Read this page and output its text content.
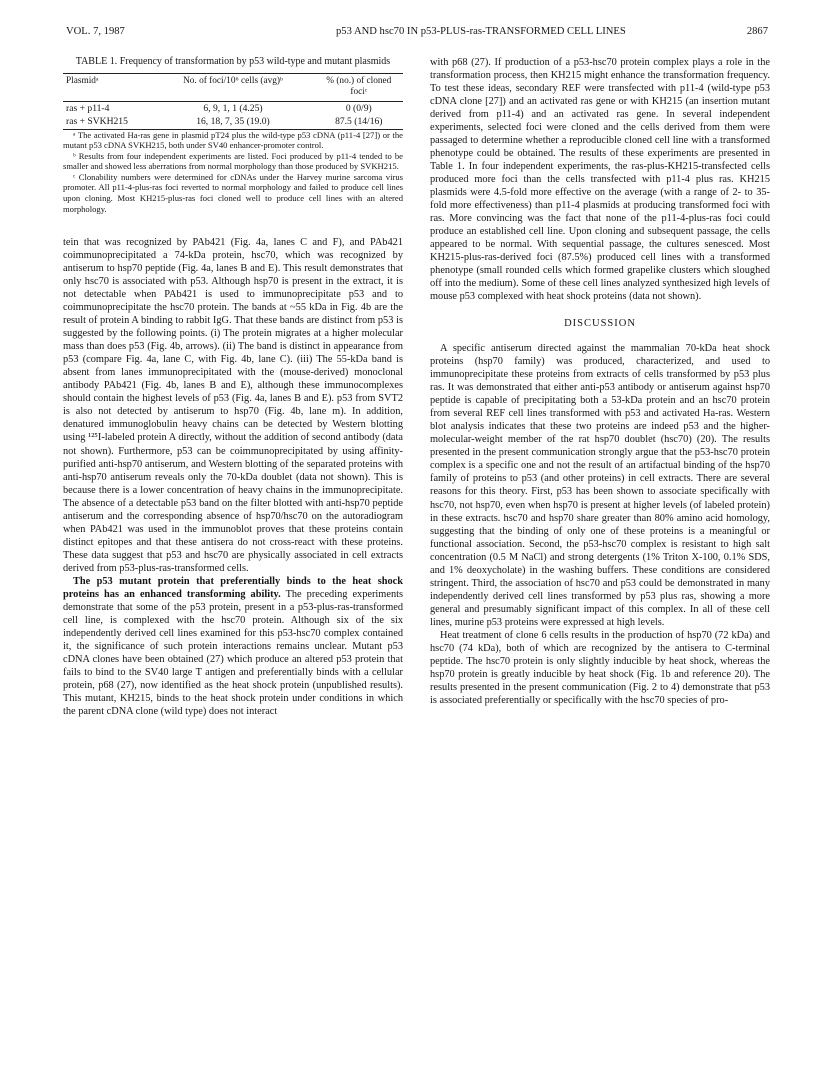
VOL. 7, 1987	p53 AND hsc70 IN p53-PLUS-ras-TRANSFORMED CELL LINES	2867
TABLE 1. Frequency of transformation by p53 wild-type and mutant plasmids
Plasmidᵃ	No. of foci/10⁶ cells (avg)ᵇ	% (no.) of cloned fociᶜ
ras + p11-4	6, 9, 1, 1 (4.25)	0 (0/9)
ras + SVKH215	16, 18, 7, 35 (19.0)	87.5 (14/16)

ᵃ The activated Ha-ras gene in plasmid pT24 plus the wild-type p53 cDNA (p11-4 [27]) or the mutant p53 cDNA SVKH215, both under SV40 enhancer-promoter control.

ᵇ Results from four independent experiments are listed. Foci produced by p11-4 tended to be smaller and showed less aberrations from normal morphology than those produced by SVKH215.

ᶜ Clonability numbers were determined for cDNAs under the Harvey murine sarcoma virus promoter. All p11-4-plus-ras foci reverted to normal morphology and failed to produce cell lines upon cloning. Most KH215-plus-ras foci cloned well to produce cell lines with an altered morphology.

tein that was recognized by PAb421 (Fig. 4a, lanes C and F), and PAb421 coimmunoprecipitated a 74-kDa protein, hsc70, which was recognized by antiserum to hsp70 peptide (Fig. 4a, lanes B and E). This result demonstrates that only hsc70 is associated with p53. Although hsp70 is present in the extract, it is not detectable when PAb421 is used to immunoprecipitate p53 and to coimmunoprecipitate the hsc70 protein. The bands at ~55 kDa in Fig. 4b are the result of protein A binding to rabbit IgG. That these bands are distinct from p53 is suggested by the following points. (i) The protein migrates at a higher molecular mass than does p53 (Fig. 4b, arrows). (ii) The band is distinct in appearance from p53 (compare Fig. 4a, lane C, with Fig. 4b, lane C). (iii) The 55-kDa band is absent from lanes immunoprecipitated with the (mouse-derived) monoclonal antibody PAb421 (Fig. 4b, lanes B and E), although these immunocomplexes should contain the highest levels of p53 (Fig. 4a, lanes B and E). p53 from SVT2 is also not detected by antiserum to hsp70 (Fig. 4b, lane m). In addition, denatured immunoglobulin heavy chains can be detected by Western blotting using ¹²⁵I-labeled protein A directly, without the addition of second antibody (data not shown). Furthermore, p53 can be coimmunoprecipitated by using affinity-purified anti-hsp70 antiserum, and Western blotting of the separated proteins with anti-hsp70 antiserum reveals only the 70-kDa doublet (data not shown). This is because there is a lower concentration of heavy chains in the immunoprecipitate. The absence of a detectable p53 band on the filter blotted with anti-hsp70 peptide antiserum and the corresponding absence of hsp70/hsc70 on the autoradiogram when PAb421 was used in the immunoblot proves that these proteins contain distinct epitopes and that these antisera do not cross-react with these proteins. These data suggest that p53 and hsc70 are physically associated in cell extracts derived from p53-plus-ras-transformed cells.

The p53 mutant protein that preferentially binds to the heat shock proteins has an enhanced transforming ability. The preceding experiments demonstrate that some of the p53 protein, present in a p53-plus-ras-transformed cell line, is complexed with the hsc70 protein. Although six of the six independently derived cell lines examined for this p53-hsc70 complex contained it, the significance of such protein interactions remains unclear. Mutant p53 cDNA clones have been obtained (27) which produce an altered p53 protein that fails to bind to the SV40 large T antigen and preferentially binds with a cellular protein, p68 (27), now identified as the heat shock protein (unpublished results). This mutant, KH215, binds to the heat shock protein under conditions in which the parent cDNA clone (wild type) does not interact

with p68 (27). If production of a p53-hsc70 protein complex plays a role in the transformation process, then KH215 might enhance the transformation frequency. To test these ideas, secondary REF were transfected with p11-4 (wild-type p53 cDNA clone [27]) and an activated ras gene or with KH215 (an insertion mutant derived from p11-4) and an activated ras gene. In several independent experiments, selected foci were cloned and the cells derived from them were passaged to determine whether a reproducible cloned cell line with a transformed phenotype could be obtained. The results of these experiments are presented in Table 1. In four independent experiments, the ras-plus-KH215-transfected cells produced more foci than the cells transfected with p11-4 plus ras. KH215 plasmids were 4.5-fold more effective on the average (with a range of 2- to 35-fold more effectiveness) than p11-4 plasmids at producing transformed foci with ras. More convincing was the fact that none of the p11-4-plus-ras foci could produce an established cell line. Upon cloning and subsequent passage, the cells appeared to be normal. With sequential passage, the cultures senesced. Most KH215-plus-ras-derived foci (87.5%) produced cell lines with a transformed phenotype (small rounded cells which formed grapelike clusters which sloughed off into the medium). Some of these cell lines analyzed synthesized high levels of mouse p53 complexed with heat shock proteins (data not shown).

DISCUSSION

A specific antiserum directed against the mammalian 70-kDa heat shock proteins (hsp70 family) was produced, characterized, and used to immunoprecipitate these proteins from extracts of cells transformed by p53 plus ras. It was demonstrated that either anti-p53 antibody or antiserum against hsp70 peptide is capable of precipitating both a 53-kDa protein and an hsc70 protein from several REF cell lines transformed with p53 and activated Ha-ras. Western blot analysis indicates that these two proteins are indeed p53 and the higher-molecular-weight member of the rat hsp70 doublet (hsc70) (20). The results presented in the present communication strongly argue that the p53-hsc70 protein complex is a specific one and not the result of an artifactual binding of the hsp70 family of proteins to p53 (and other proteins) in cell extracts. There are several reasons for this theory. First, p53 has been shown to associate specifically with hsc70, not hsp70, even when hsp70 is present at higher levels (of labeled protein) in these extracts. hsc70 and hsp70 share greater than 80% amino acid homology, suggesting that the binding of only one of these proteins is a meaningful or functional association. Second, the p53-hsc70 complex is resistant to high salt concentration (0.5 M NaCl) and strong detergents (1% Triton X-100, 0.1% SDS, and 1% deoxycholate) in the washing buffers. These conditions are considered stringent. Third, the association of hsc70 and p53 could be demonstrated in many independently derived cell lines transformed by p53 plus ras, showing a more general and presumably significant impact of this complex. In all of these cell lines, murine p53 proteins were expressed at high levels.

Heat treatment of clone 6 cells results in the production of hsp70 (72 kDa) and hsc70 (74 kDa), both of which are recognized by the antisera to C-terminal peptide. The hsc70 protein is only slightly inducible by heat shock, whereas the hsp70 protein is greatly inducible by heat shock (Fig. 1b and reference 20). The results presented in the present communication (Fig. 2 to 4) demonstrate that p53 is associated preferentially or specifically with the hsc70 species of pro-
